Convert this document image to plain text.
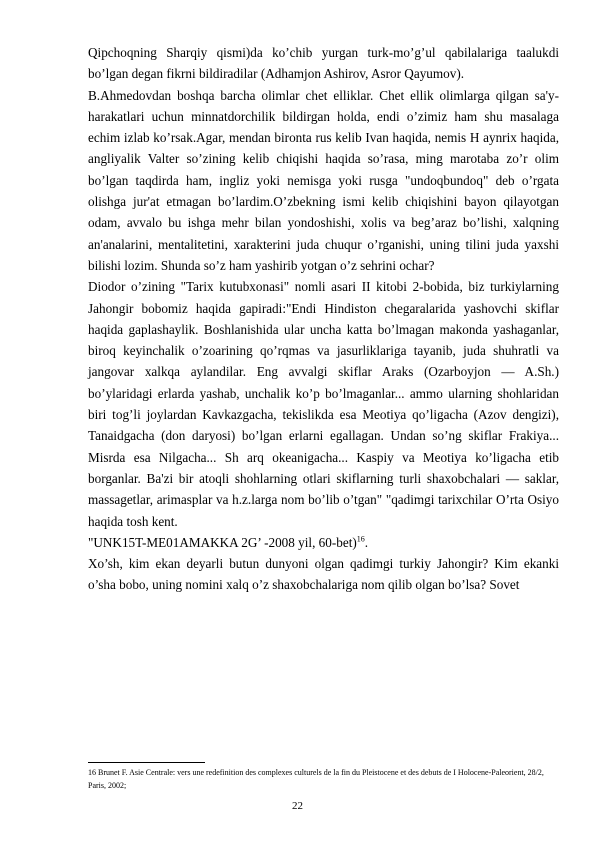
Qipchoqning Sharqiy qismi)da ko’chib yurgan turk-mo’g’ul qabilalariga taalukdi bo’lgan degan fikrni bildiradilar (Adhamjon Ashirov, Asror Qayumov).

B.Ahmedovdan boshqa barcha olimlar chet elliklar. Chet ellik olimlarga qilgan sa'y-harakatlari uchun minnatdorchilik bildirgan holda, endi o’zimiz ham shu masalaga echim izlab ko’rsak.Agar, mendan bironta rus kelib Ivan haqida, nemis H aynrix haqida, angliyalik Valter so’zining kelib chiqishi haqida so’rasa, ming marotaba zo’r olim bo’lgan taqdirda ham, ingliz yoki nemisga yoki rusga "undoqbundoq" deb o’rgata olishga jur'at etmagan bo’lardim.O’zbekning ismi kelib chiqishini bayon qilayotgan odam, avvalo bu ishga mehr bilan yondoshishi, xolis va beg’araz bo’lishi, xalqning an'analarini, mentalitetini, xarakterini juda chuqur o’rganishi, uning tilini juda yaxshi bilishi lozim. Shunda so’z ham yashirib yotgan o’z sehrini ochar?

Diodor o’zining "Tarix kutubxonasi" nomli asari II kitobi 2-bobida, biz turkiylarning Jahongir bobomiz haqida gapiradi:"Endi Hindiston chegaralarida yashovchi skiflar haqida gaplashaylik. Boshlanishida ular uncha katta bo’lmagan makonda yashaganlar, biroq keyinchalik o’zoarining qo’rqmas va jasurliklariga tayanib, juda shuhratli va jangovar xalkqa aylandilar. Eng avvalgi skiflar Araks (Ozarboyjon — A.Sh.) bo’ylaridagi erlarda yashab, unchalik ko’p bo’lmaganlar... ammo ularning shohlaridan biri tog’li joylardan Kavkazgacha, tekislikda esa Meotiya qo’ligacha (Azov dengizi), Tanaidgacha (don daryosi) bo’lgan erlarni egallagan. Undan so’ng skiflar Frakiya... Misrda esa Nilgacha... Sh arq okeanigacha... Kaspiy va Meotiya ko’ligacha etib borganlar. Ba'zi bir atoqli shohlarning otlari skiflarning turli shaxobchalari — saklar, massagetlar, arimasplar va h.z.larga nom bo’lib o’tgan" "qadimgi tarixchilar O’rta Osiyo haqida tosh kent.

"UNK15T-ME01AMAKKA 2G’ -2008 yil, 60-bet)$^{16}$.

Xo’sh, kim ekan deyarli butun dunyoni olgan qadimgi turkiy Jahongir? Kim ekanki o’sha bobo, uning nomini xalq o’z shaxobchalariga nom qilib olgan bo’lsa? Sovet

16 Brunet F. Asie Centrale: vers une redefinition des complexes culturels de la fin du Pleistocene et des debuts de I Holocene-Paleorient, 28/2, Paris, 2002;
22
